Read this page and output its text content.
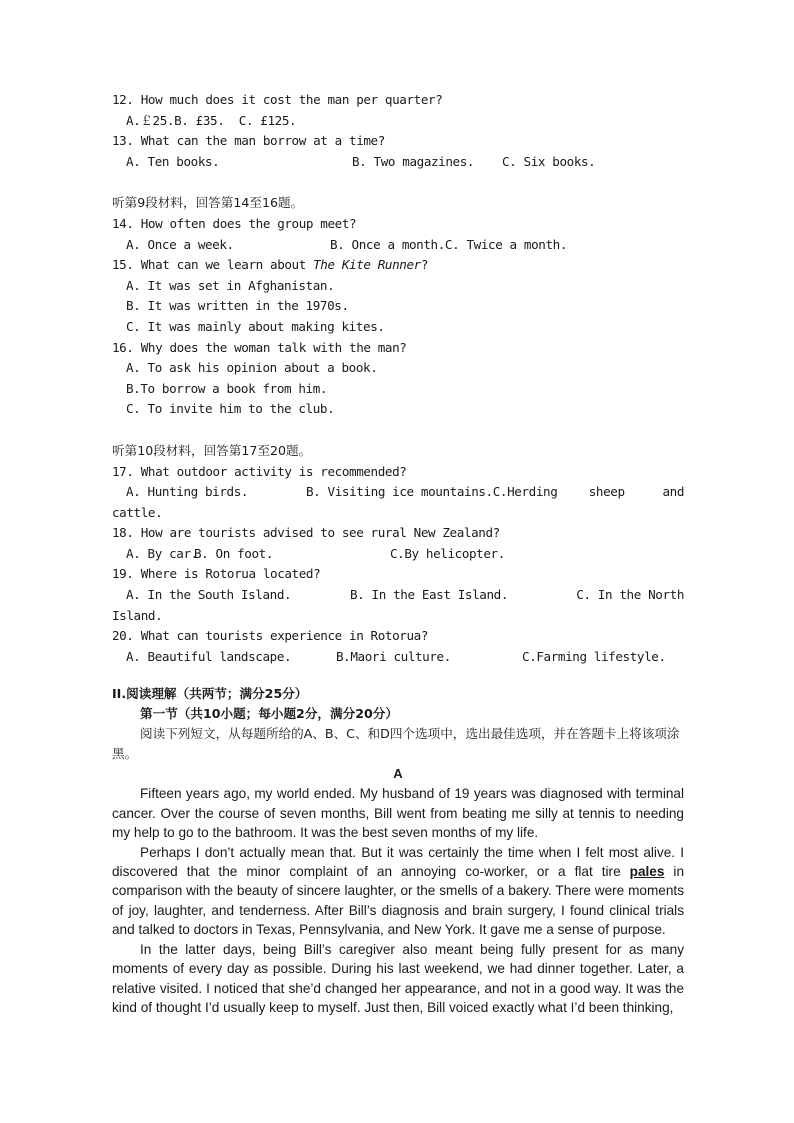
12. How much does it cost the man per quarter?
A.￡25.B. £35. C. £125.
13. What can the man borrow at a time?
A. Ten books.	B. Two magazines.	C. Six books.
听第9段材料，回答第14至16题。
14. How often does the group meet?
A. Once a week.	B. Once a month. C. Twice a month.
15. What can we learn about The Kite Runner?
A. It was set in Afghanistan.
B. It was written in the 1970s.
C. It was mainly about making kites.
16. Why does the woman talk with the man?
A. To ask his opinion about a book.
B.To borrow a book from him.
C. To invite him to the club.
听第10段材料，回答第17至20题。
17. What outdoor activity is recommended?
A. Hunting birds.	B. Visiting ice mountains. C.Herding	sheep	and
cattle.
18. How are tourists advised to see rural New Zealand?
A. By car.
B. On foot.	C.By helicopter.
19. Where is Rotorua located?
A. In the South Island.	B. In the East Island.	C. In the North
Island.
20. What can tourists experience in Rotorua?
A. Beautiful landscape.	B.Maori culture.	C.Farming lifestyle.
II.阅读理解（共两节；满分25分）
第一节（共10小题；每小题2分，满分20分）
阅读下列短文，从每题所给的A、B、C、和D四个选项中，选出最佳选项，并在答题卡上将该项涂黑。
A

Fifteen years ago, my world ended. My husband of 19 years was diagnosed with terminal cancer. Over the course of seven months, Bill went from beating me silly at tennis to needing my help to go to the bathroom. It was the best seven months of my life.

Perhaps I don’t actually mean that. But it was certainly the time when I felt most alive. I discovered that the minor complaint of an annoying co-worker, or a flat tire pales in comparison with the beauty of sincere laughter, or the smells of a bakery. There were moments of joy, laughter, and tenderness. After Bill’s diagnosis and brain surgery, I found clinical trials and talked to doctors in Texas, Pennsylvania, and New York. It gave me a sense of purpose.

In the latter days, being Bill’s caregiver also meant being fully present for as many moments of every day as possible. During his last weekend, we had dinner together. Later, a relative visited. I noticed that she’d changed her appearance, and not in a good way. It was the kind of thought I’d usually keep to myself. Just then, Bill voiced exactly what I’d been thinking,
